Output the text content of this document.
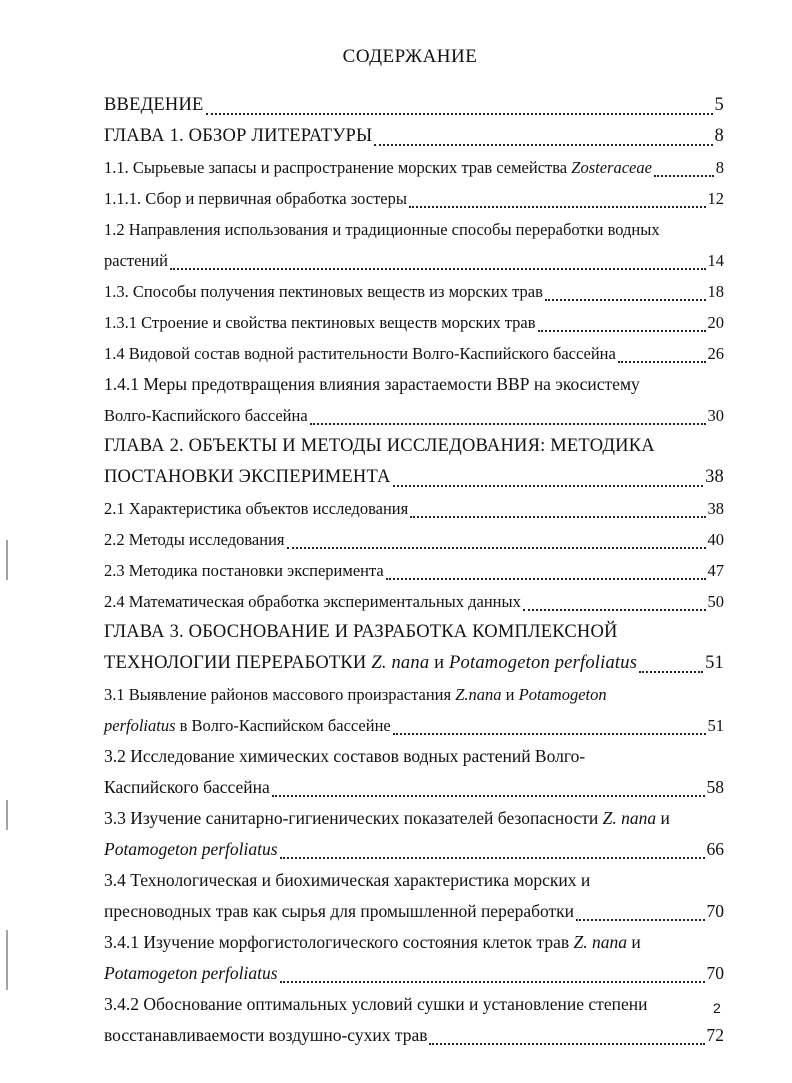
СОДЕРЖАНИЕ
ВВЕДЕНИЕ	5
ГЛАВА 1. ОБЗОР ЛИТЕРАТУРЫ	8
1.1. Сырьевые запасы и распространение морских трав семейства Zosteraceae	8
1.1.1. Сбор и первичная обработка зостеры	12
1.2 Направления использования и традиционные способы переработки водных
растений	14
1.3. Способы получения пектиновых веществ из морских трав	18
1.3.1 Строение и свойства пектиновых веществ морских трав	20
1.4 Видовой состав водной растительности Волго-Каспийского бассейна	26
1.4.1 Меры предотвращения влияния зарастаемости ВВР на экосистему
Волго-Каспийского бассейна	30
ГЛАВА 2. ОБЪЕКТЫ И МЕТОДЫ ИССЛЕДОВАНИЯ: МЕТОДИКА
ПОСТАНОВКИ ЭКСПЕРИМЕНТА	38
2.1 Характеристика объектов исследования	38
2.2 Методы исследования	40
2.3 Методика постановки эксперимента	47
2.4 Математическая обработка экспериментальных данных	50
ГЛАВА 3. ОБОСНОВАНИЕ И РАЗРАБОТКА КОМПЛЕКСНОЙ
ТЕХНОЛОГИИ ПЕРЕРАБОТКИ Z. nana и Potamogeton perfoliatus	51
3.1 Выявление районов массового произрастания Z.nana и Potamogeton
perfoliatus в Волго-Каспийском бассейне	51
3.2 Исследование химических составов водных растений Волго-
Каспийского бассейна	58
3.3 Изучение санитарно-гигиенических показателей безопасности Z. nana и
Potamogeton perfoliatus	66
3.4 Технологическая и биохимическая характеристика морских и
пресноводных трав как сырья для промышленной переработки	70
3.4.1 Изучение морфогистологического состояния клеток трав Z. nana и
Potamogeton perfoliatus	70
3.4.2 Обоснование оптимальных условий сушки и установление степени
восстанавливаемости воздушно-сухих трав	72
2
